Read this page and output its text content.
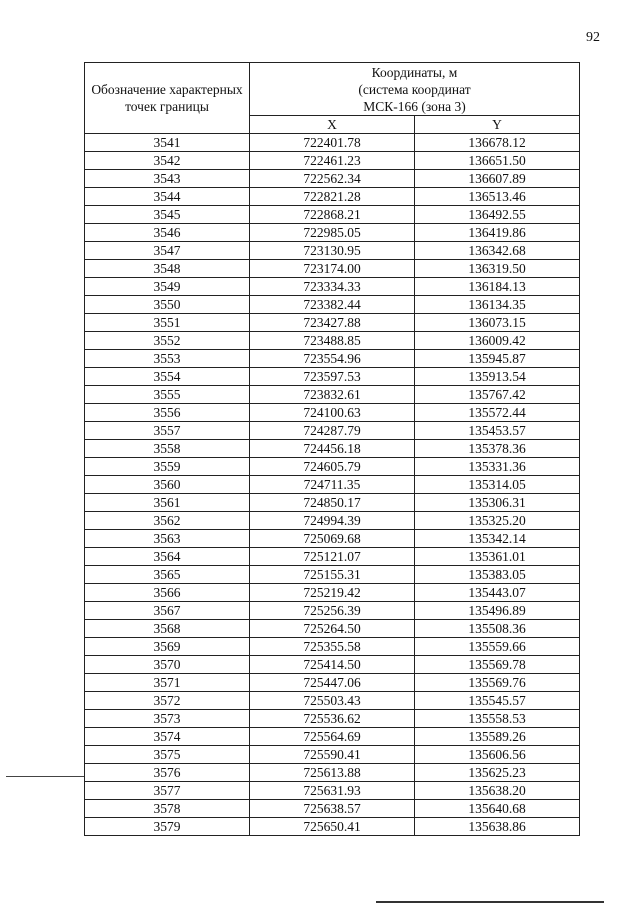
92
Обозначение характерных точек границы	Координаты, м
(система координат
МСК-166 (зона 3)	

	X	Y
3541	722401.78	136678.12
3542	722461.23	136651.50
3543	722562.34	136607.89
3544	722821.28	136513.46
3545	722868.21	136492.55
3546	722985.05	136419.86
3547	723130.95	136342.68
3548	723174.00	136319.50
3549	723334.33	136184.13
3550	723382.44	136134.35
3551	723427.88	136073.15
3552	723488.85	136009.42
3553	723554.96	135945.87
3554	723597.53	135913.54
3555	723832.61	135767.42
3556	724100.63	135572.44
3557	724287.79	135453.57
3558	724456.18	135378.36
3559	724605.79	135331.36
3560	724711.35	135314.05
3561	724850.17	135306.31
3562	724994.39	135325.20
3563	725069.68	135342.14
3564	725121.07	135361.01
3565	725155.31	135383.05
3566	725219.42	135443.07
3567	725256.39	135496.89
3568	725264.50	135508.36
3569	725355.58	135559.66
3570	725414.50	135569.78
3571	725447.06	135569.76
3572	725503.43	135545.57
3573	725536.62	135558.53
3574	725564.69	135589.26
3575	725590.41	135606.56
3576	725613.88	135625.23
3577	725631.93	135638.20
3578	725638.57	135640.68
3579	725650.41	135638.86
